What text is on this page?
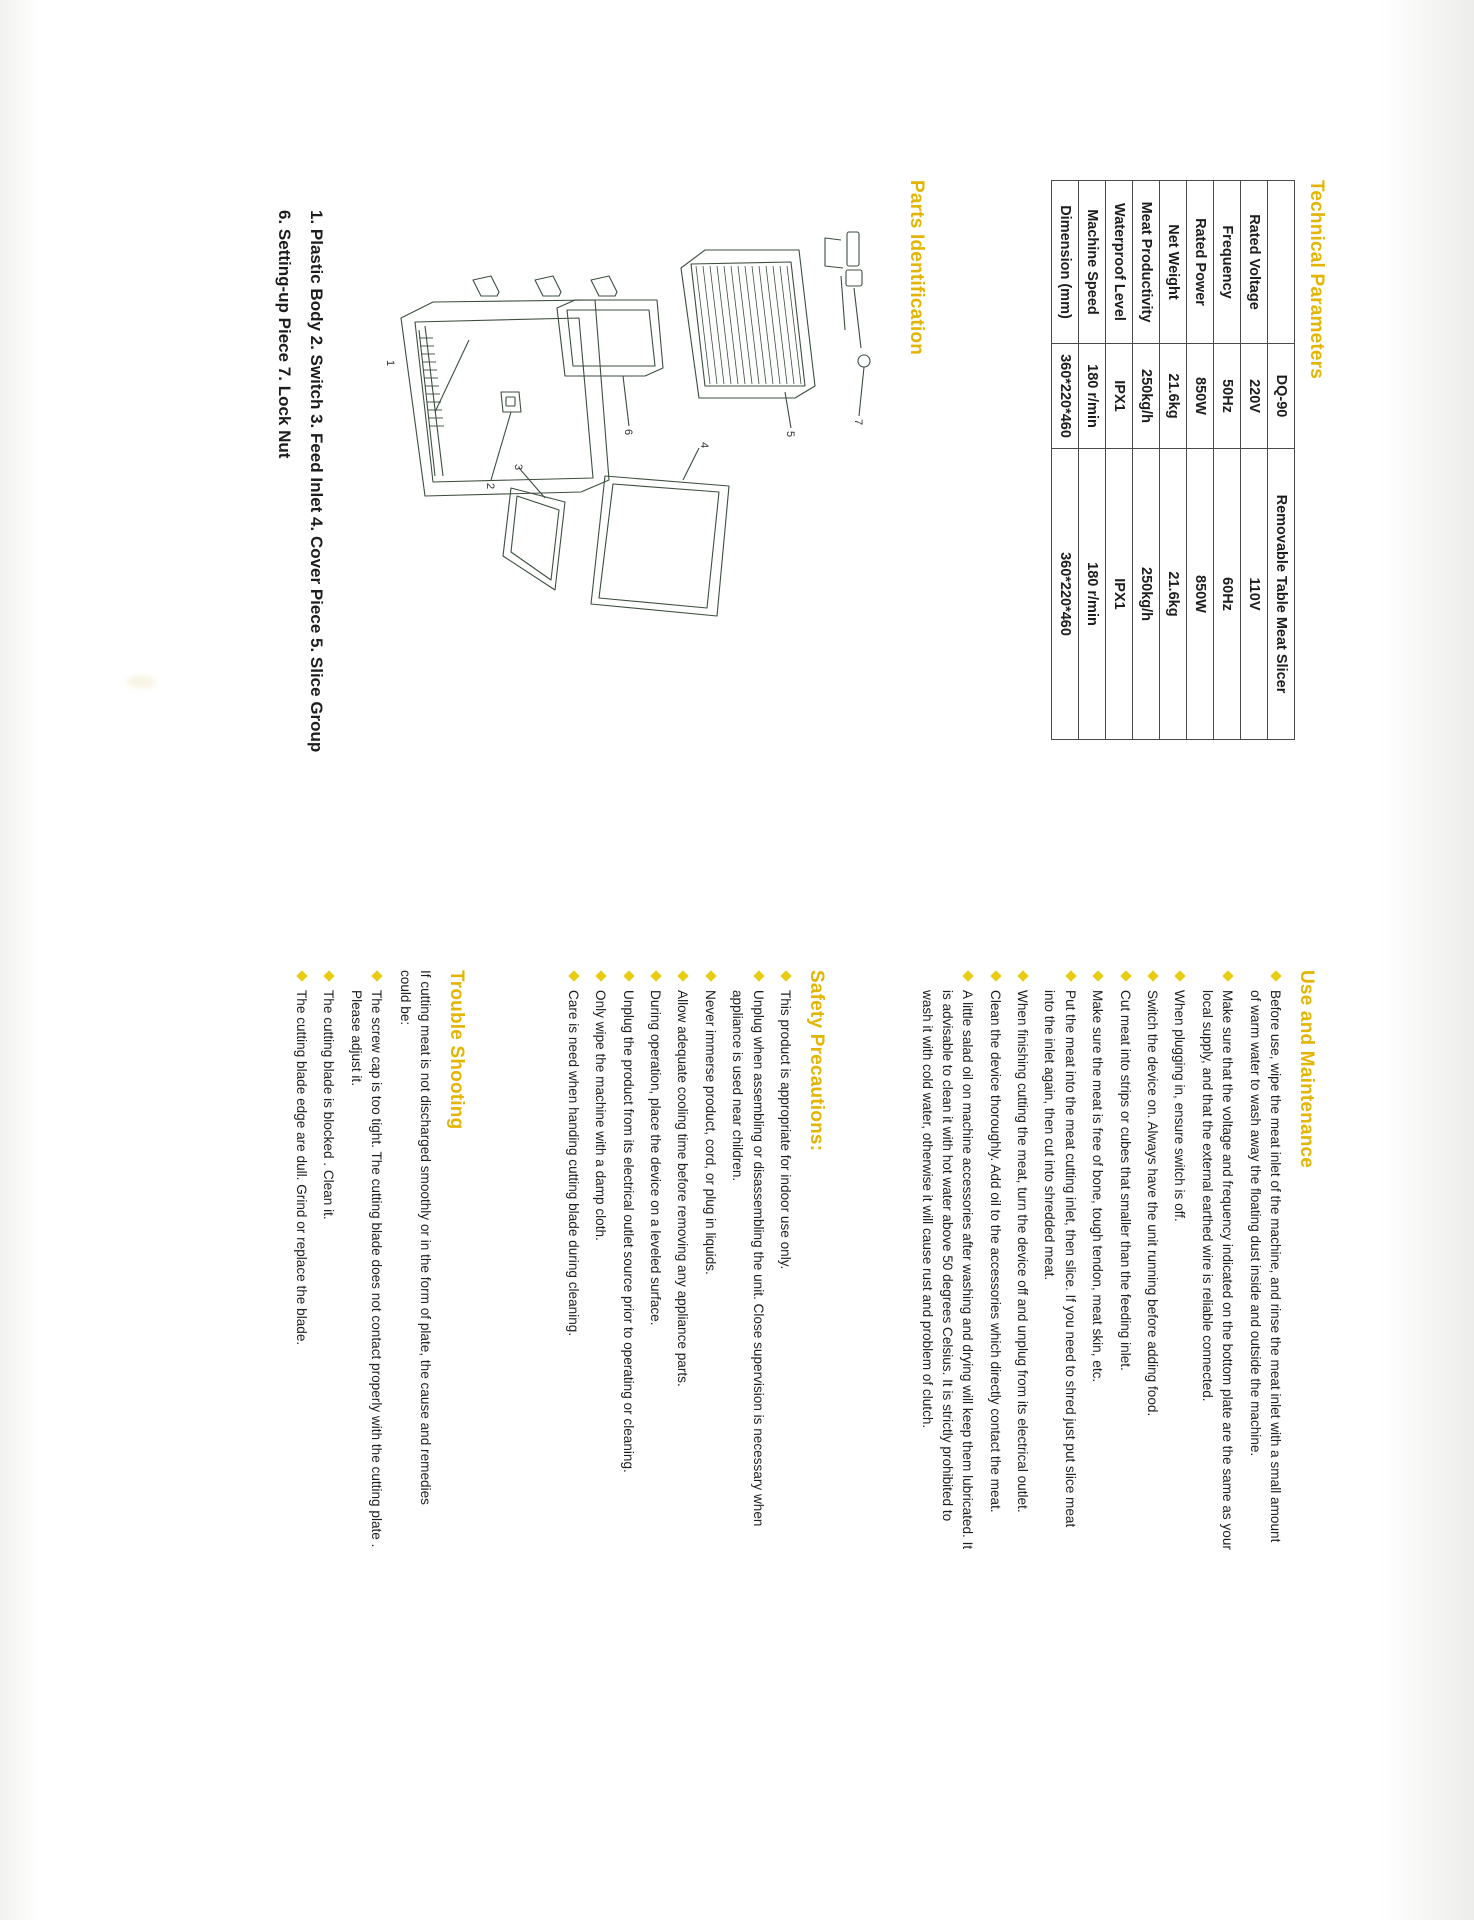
Technical Parameters
	DQ-90	Removable Table Meat Slicer
Rated Voltage	220V	110V
Frequency	50Hz	60Hz
Rated Power	850W	850W
Net Weight	21.6kg	21.6kg
Meat Productivity	250kg/h	250kg/h
Waterproof Level	IPX1	IPX1
Machine Speed	180 r/min	180 r/min
Dimension (mm)	360*220*460	360*220*460
Parts Identification
7
5
6
4
2
3
1
1. Plastic Body 2. Switch 3. Feed Inlet 4. Cover Piece 5. Slice Group
6. Setting-up Piece 7. Lock Nut
Use and Maintenance
Before use, wipe the meat inlet of the machine, and rinse the meat inlet with a small amount of warm water to wash away the floating dust inside and outside the machine.
Make sure that the voltage and frequency indicated on the bottom plate are the same as your local supply, and that the external earthed wire is reliable connected.
When plugging in, ensure switch is off.
Switch the device on. Always have the unit running before adding food.
Cut meat into strips or cubes that smaller than the feeding inlet.
Make sure the meat is free of bone, tough tendon, meat skin, etc.
Put the meat into the meat cutting inlet, then slice. If you need to shred just put slice meat into the inlet again, then cut into shredded meat.
When finishing cutting the meat, turn the device off and unplug from its electrical outlet.
Clean the device thoroughly. Add oil to the accessories which directly contact the meat.
A little salad oil on machine accessories after washing and drying will keep them lubricated. It is advisable to clean it with hot water above 50 degrees Celsius. It is strictly prohibited to wash it with cold water, otherwise it will cause rust and problem of clutch.
Safety Precautions:
This product is appropriate for indoor use only.
Unplug when assembling or disassembling the unit. Close supervision is necessary when appliance is used near children.
Never immerse product, cord, or plug in liquids.
Allow adequate cooling time before removing any appliance parts.
During operation, place the device on a leveled surface.
Unplug the product from its electrical outlet source prior to operating or cleaning.
Only wipe the machine with a damp cloth.
Care is need when handing cutting blade during cleaning.
Trouble Shooting
If cutting meat is not discharged smoothly or in the form of plate, the cause and remedies could be:
The screw cap is too tight. The cutting blade does not contact properly with the cutting plate . Please adjust it.
The cutting blade is blocked . Clean it.
The cutting blade edge are dull. Grind or replace the blade.
